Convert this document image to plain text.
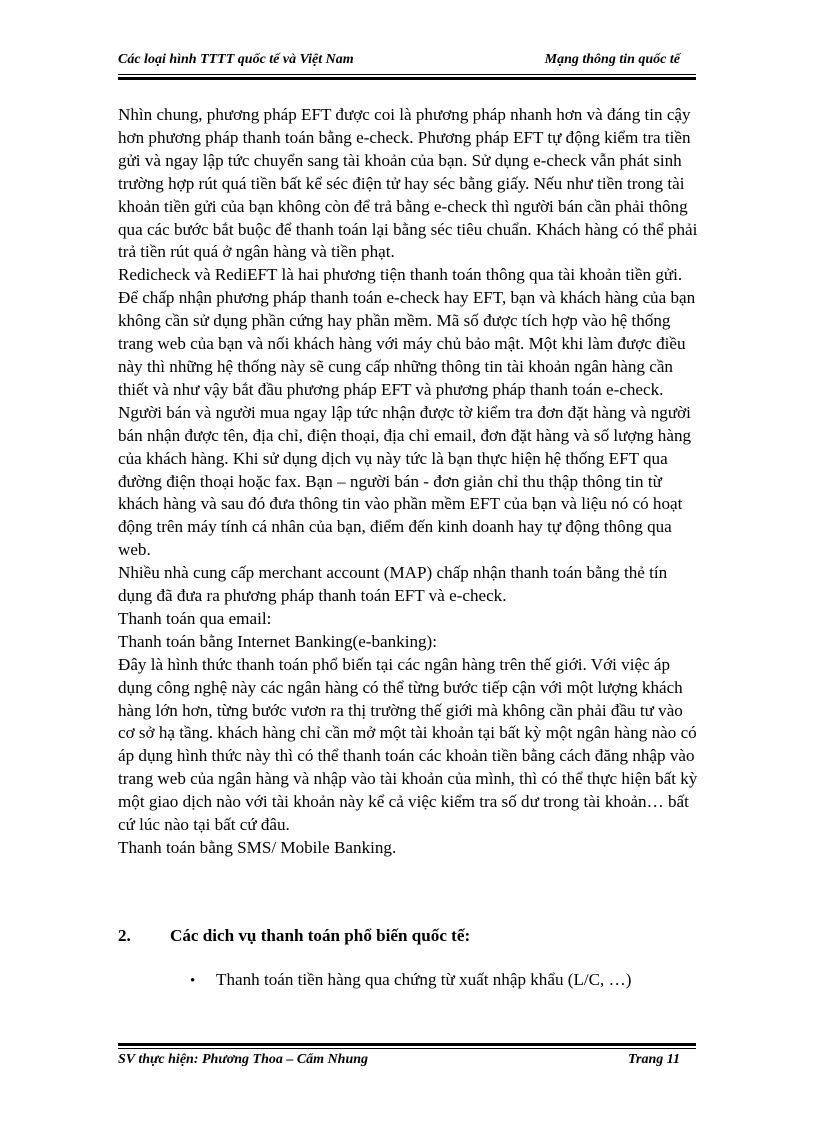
Các loại hình TTTT quốc tế và Việt Nam	Mạng thông tin quốc tế

Nhìn chung, phương pháp EFT được coi là phương pháp nhanh hơn và đáng tin cậy hơn phương pháp thanh toán bằng e-check. Phương pháp EFT tự động kiểm tra tiền gửi và ngay lập tức chuyển sang tài khoản của bạn. Sử dụng e-check vẫn phát sinh trường hợp rút quá tiền bất kể séc điện tử hay séc bằng giấy. Nếu như tiền trong tài khoản tiền gửi của bạn không còn để trả bằng e-check thì người bán cần phải thông qua các bước bắt buộc để thanh toán lại bằng séc tiêu chuẩn. Khách hàng có thể phải trả tiền rút quá ở ngân hàng và tiền phạt.

Redicheck và RediEFT là hai phương tiện thanh toán thông qua tài khoản tiền gửi. Để chấp nhận phương pháp thanh toán e-check hay EFT, bạn và khách hàng của bạn không cần sử dụng phần cứng hay phần mềm. Mã số được tích hợp vào hệ thống trang web của bạn và nối khách hàng với máy chủ bảo mật. Một khi làm được điều này thì những hệ thống này sẽ cung cấp những thông tin tài khoản ngân hàng cần thiết và như vậy bắt đầu phương pháp EFT và phương pháp thanh toán e-check. Người bán và người mua ngay lập tức nhận được tờ kiểm tra đơn đặt hàng và người bán nhận được tên, địa chỉ, điện thoại, địa chỉ email, đơn đặt hàng và số lượng hàng của khách hàng. Khi sử dụng dịch vụ này tức là bạn thực hiện hệ thống EFT qua đường điện thoại hoặc fax. Bạn – người bán - đơn giản chỉ thu thập thông tin từ khách hàng và sau đó đưa thông tin vào phần mềm EFT của bạn và liệu nó có hoạt động trên máy tính cá nhân của bạn, điểm đến kinh doanh hay tự động thông qua web.

Nhiều nhà cung cấp merchant account (MAP) chấp nhận thanh toán bằng thẻ tín dụng đã đưa ra phương pháp thanh toán EFT và e-check.

Thanh toán qua email:

Thanh toán bằng Internet Banking(e-banking):

Đây là hình thức thanh toán phổ biến tại các ngân hàng trên thế giới. Với việc áp dụng công nghệ này các ngân hàng có thể từng bước tiếp cận với một lượng khách hàng lớn hơn, từng bước vươn ra thị trường thế giới mà không cần phải đầu tư vào cơ sở hạ tầng. khách hàng chỉ cần mở một tài khoản tại bất kỳ một ngân hàng nào có áp dụng hình thức này thì có thể thanh toán các khoản tiền bằng cách đăng nhập vào trang web của ngân hàng và nhập vào tài khoản của mình, thì có thể thực hiện bất kỳ một giao dịch nào với tài khoản này kể cả việc kiểm tra số dư trong tài khoản… bất cứ lúc nào tại bất cứ đâu.

Thanh toán bằng SMS/ Mobile Banking.

2. Các dich vụ thanh toán phổ biến quốc tế:
• Thanh toán tiền hàng qua chứng từ xuất nhập khẩu (L/C, …)
SV thực hiện: Phương Thoa – Cẩm Nhung	Trang 11
